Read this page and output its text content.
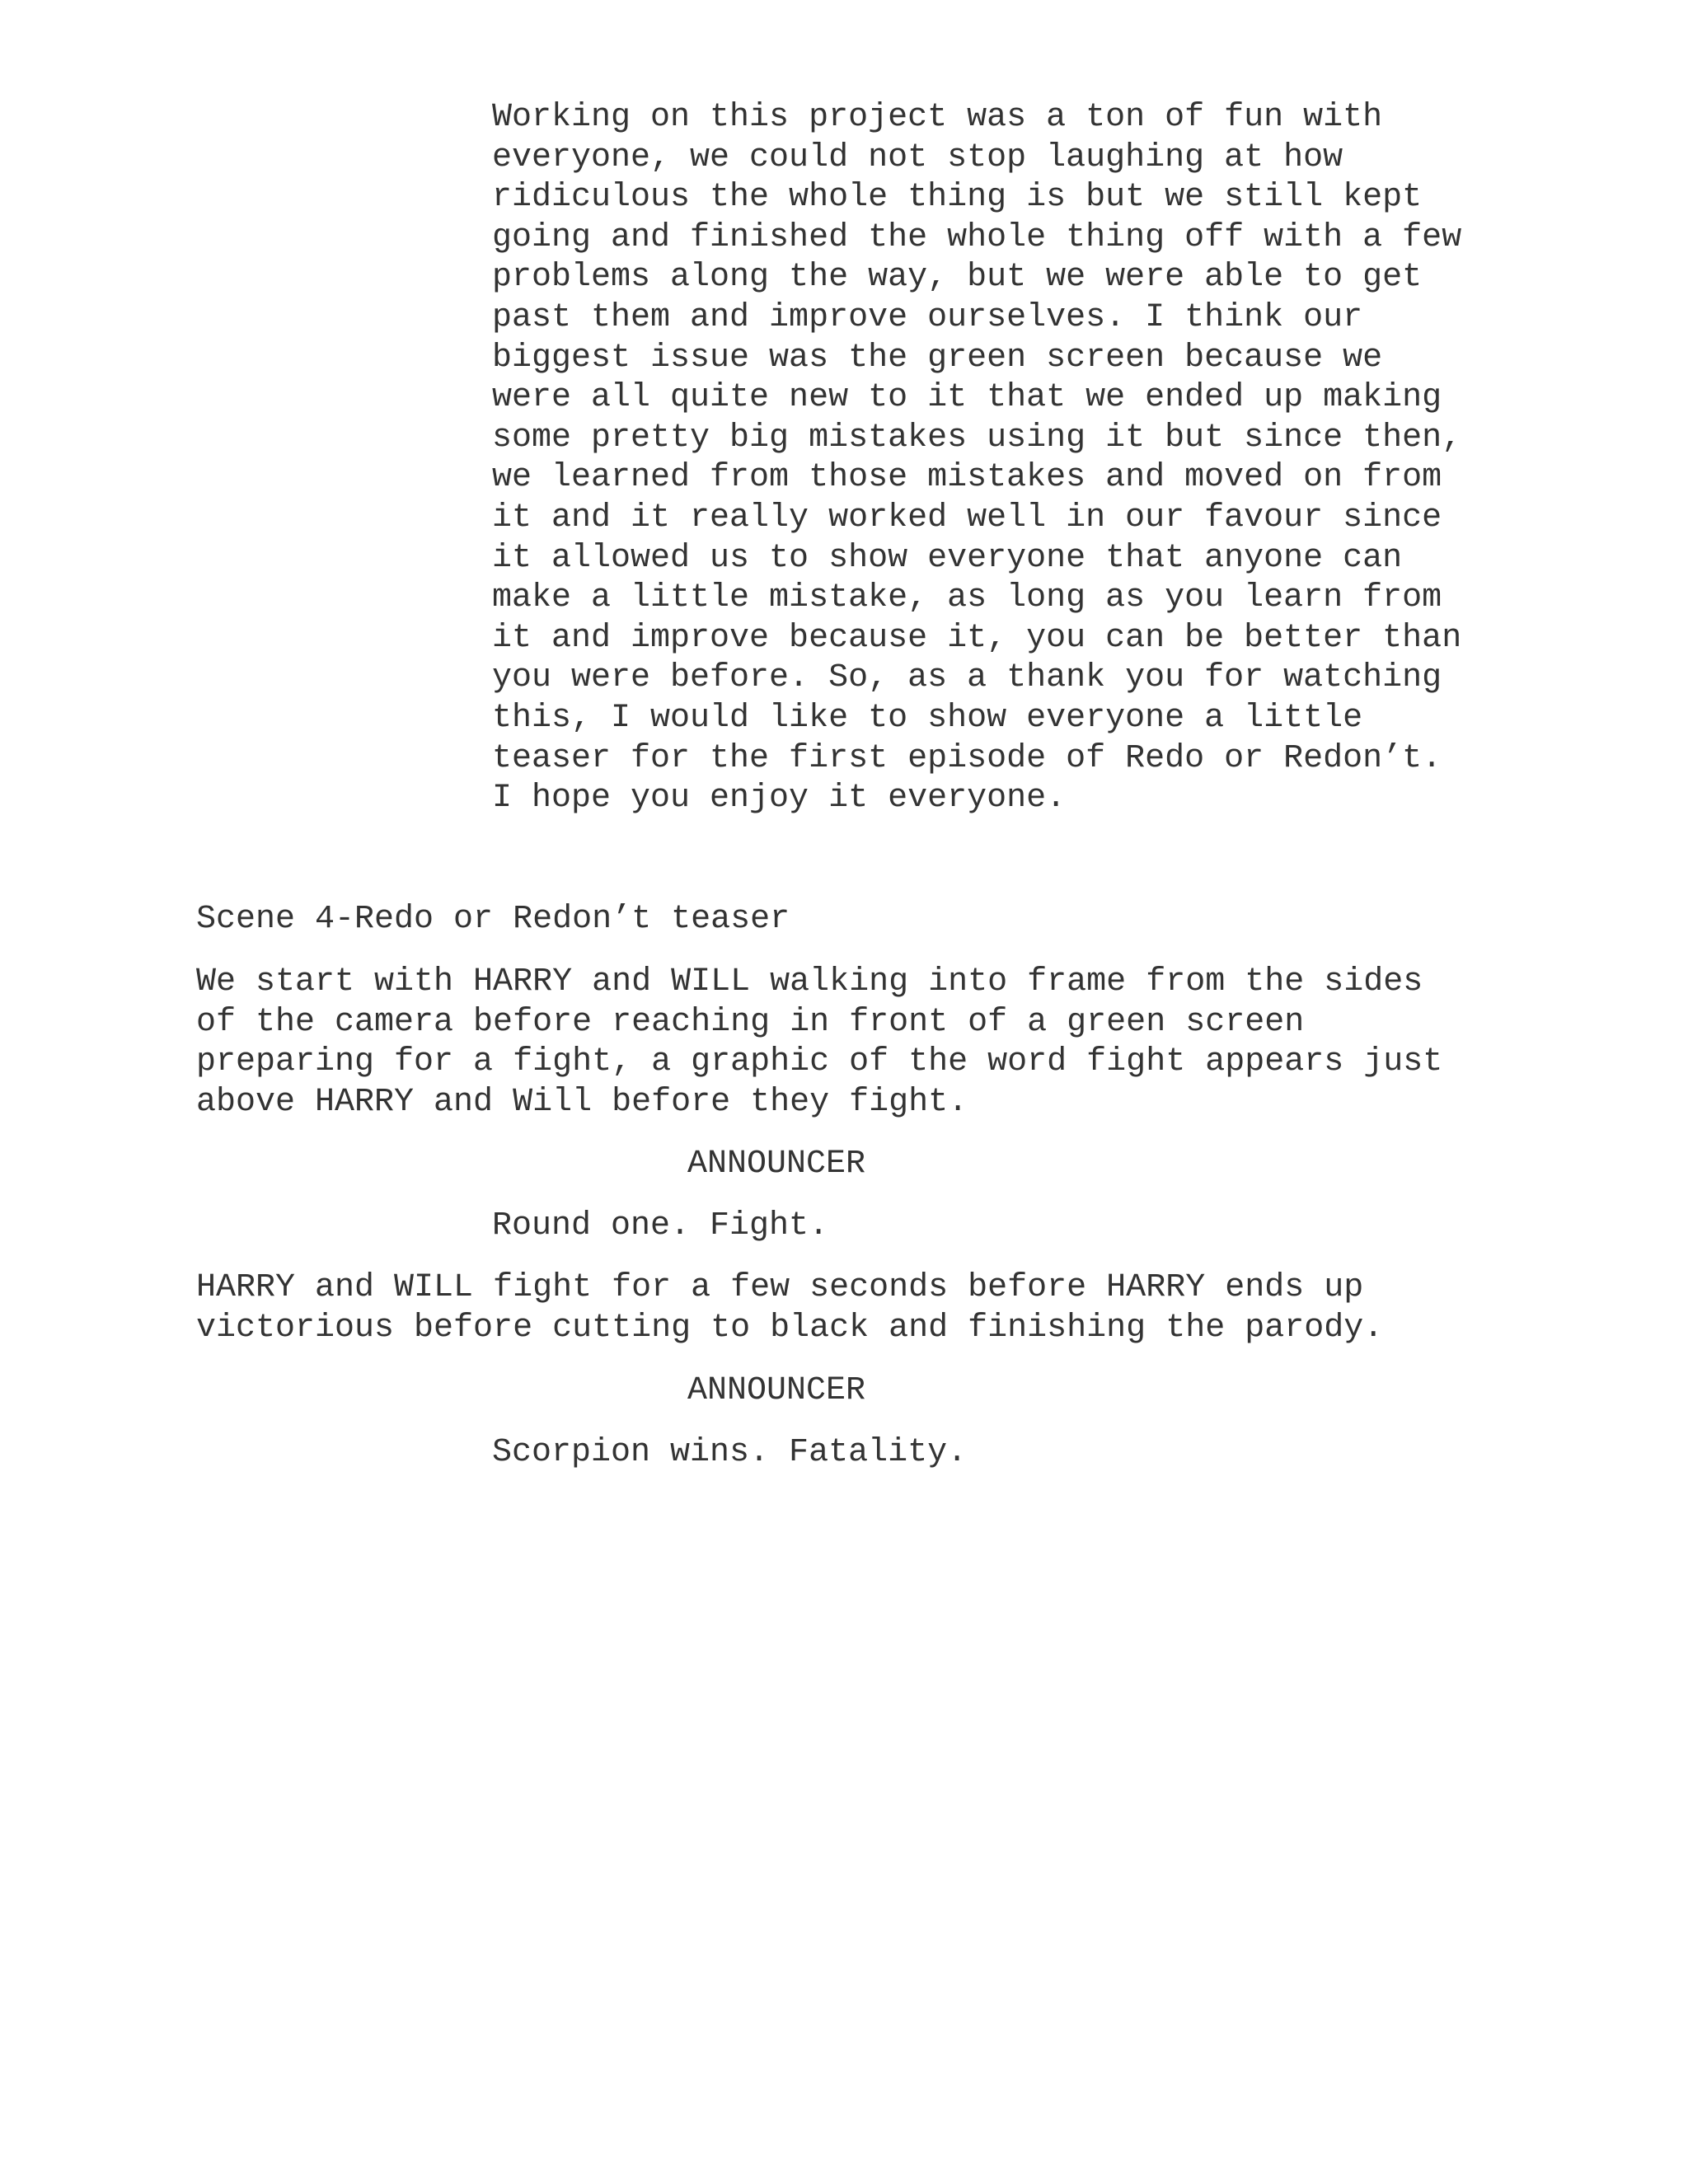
Working on this project was a ton of fun with
everyone, we could not stop laughing at how
ridiculous the whole thing is but we still kept
going and finished the whole thing off with a few
problems along the way, but we were able to get
past them and improve ourselves. I think our
biggest issue was the green screen because we
were all quite new to it that we ended up making
some pretty big mistakes using it but since then,
we learned from those mistakes and moved on from
it and it really worked well in our favour since
it allowed us to show everyone that anyone can
make a little mistake, as long as you learn from
it and improve because it, you can be better than
you were before. So, as a thank you for watching
this, I would like to show everyone a little
teaser for the first episode of Redo or Redon’t.
I hope you enjoy it everyone.

Scene 4-Redo or Redon’t teaser

We start with HARRY and WILL walking into frame from the sides
of the camera before reaching in front of a green screen
preparing for a fight, a graphic of the word fight appears just
above HARRY and Will before they fight.

ANNOUNCER

Round one. Fight.

HARRY and WILL fight for a few seconds before HARRY ends up
victorious before cutting to black and finishing the parody.

ANNOUNCER

Scorpion wins. Fatality.
